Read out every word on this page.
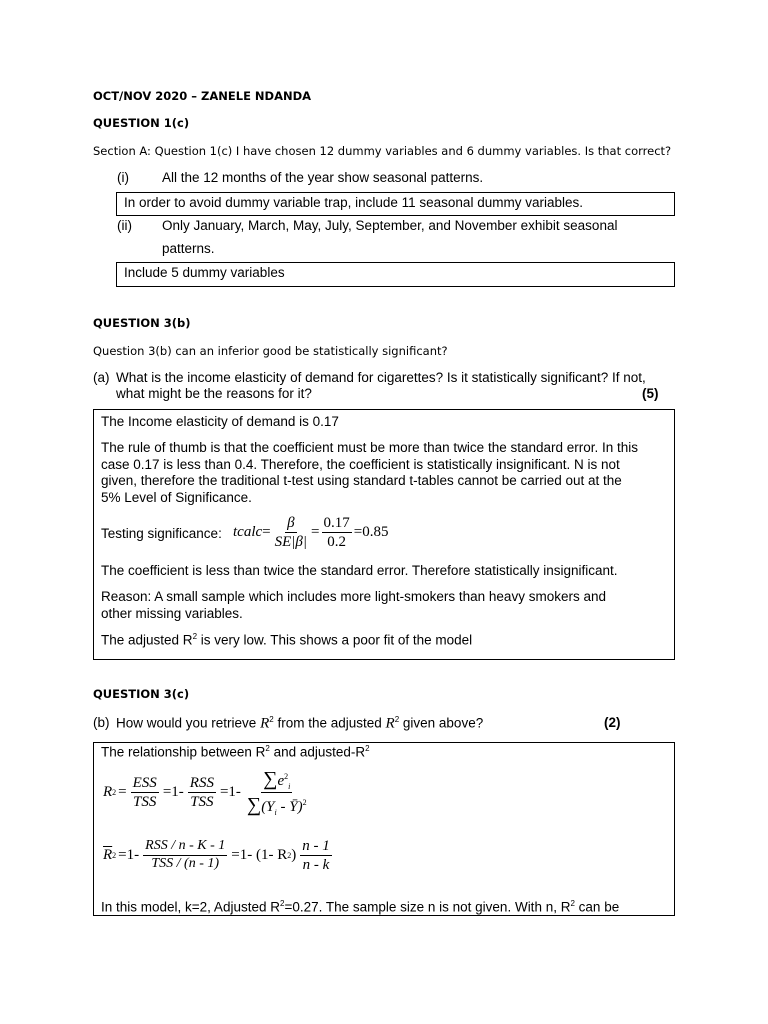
OCT/NOV 2020 – ZANELE NDANDA
QUESTION 1(c)
Section A: Question 1(c) I have chosen 12 dummy variables and 6 dummy variables. Is that correct?
(i) All the 12 months of the year show seasonal patterns.
In order to avoid dummy variable trap, include 11 seasonal dummy variables.
(ii) Only January, March, May, July, September, and November exhibit seasonal
patterns.
Include 5 dummy variables
QUESTION 3(b)
Question 3(b) can an inferior good be statistically significant?
(a) What is the income elasticity of demand for cigarettes? Is it statistically significant? If not,
what might be the reasons for it?	(5)
The Income elasticity of demand is 0.17
The rule of thumb is that the coefficient must be more than twice the standard error. In this
case 0.17 is less than 0.4. Therefore, the coefficient is statistically insignificant. N is not
given, therefore the traditional t-test using standard t-tables cannot be carried out at the
5% Level of Significance.
Testing significance: tcalc = $\frac{\beta}{SE|\beta|} = \frac{0.17}{0.2} = 0.85$
The coefficient is less than twice the standard error. Therefore statistically insignificant.
Reason: A small sample which includes more light-smokers than heavy smokers and
other missing variables.
The adjusted $R^2$ is very low. This shows a poor fit of the model
QUESTION 3(c)
(b) How would you retrieve $R^2$ from the adjusted $R^2$ given above?	(2)
The relationship between $R^2$ and adjusted-$R^2$
R $2 = \frac{\text{ESS}}{\text{TSS}} =1- \frac{\text{RSS}}{\text{TSS}} =1- \frac{\sum e^2_i}{\sum(Y_i - Ȳ)^2}$
$\overline{R}$ $2 =1- \frac{\text{RSS / n - K - 1}}{\text{TSS / (n - 1)}} =1-$ (1- R 2 ) $\frac{n - 1}{n - k}$
In this model, k=2, Adjusted $R^2=0.27$. The sample size n is not given. With n, $R^2$ can be
